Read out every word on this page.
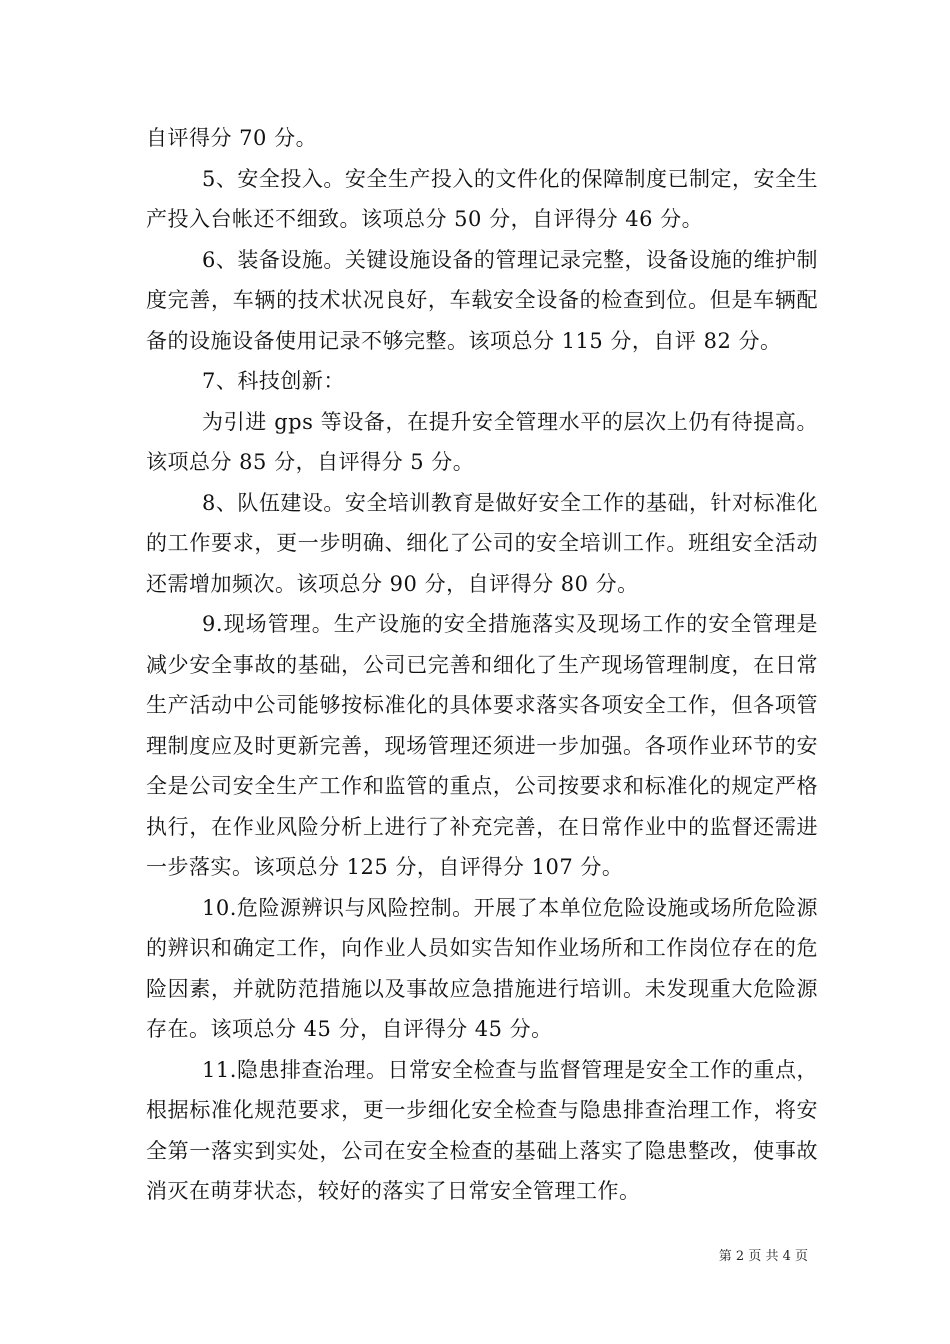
自评得分 70 分。

5、安全投入。安全生产投入的文件化的保障制度已制定，安全生产投入台帐还不细致。该项总分 50 分，自评得分 46 分。

6、装备设施。关键设施设备的管理记录完整，设备设施的维护制度完善，车辆的技术状况良好，车载安全设备的检查到位。但是车辆配备的设施设备使用记录不够完整。该项总分 115 分，自评 82 分。

7、科技创新：

为引进 gps 等设备，在提升安全管理水平的层次上仍有待提高。该项总分 85 分，自评得分 5 分。

8、队伍建设。安全培训教育是做好安全工作的基础，针对标准化的工作要求，更一步明确、细化了公司的安全培训工作。班组安全活动还需增加频次。该项总分 90 分，自评得分 80 分。

9.现场管理。生产设施的安全措施落实及现场工作的安全管理是减少安全事故的基础，公司已完善和细化了生产现场管理制度，在日常生产活动中公司能够按标准化的具体要求落实各项安全工作，但各项管理制度应及时更新完善，现场管理还须进一步加强。各项作业环节的安全是公司安全生产工作和监管的重点，公司按要求和标准化的规定严格执行，在作业风险分析上进行了补充完善，在日常作业中的监督还需进一步落实。该项总分 125 分，自评得分 107 分。

10.危险源辨识与风险控制。开展了本单位危险设施或场所危险源的辨识和确定工作，向作业人员如实告知作业场所和工作岗位存在的危险因素，并就防范措施以及事故应急措施进行培训。未发现重大危险源存在。该项总分 45 分，自评得分 45 分。

11.隐患排查治理。日常安全检查与监督管理是安全工作的重点，根据标准化规范要求，更一步细化安全检查与隐患排查治理工作，将安全第一落实到实处，公司在安全检查的基础上落实了隐患整改，使事故消灭在萌芽状态，较好的落实了日常安全管理工作。

第 2 页 共 4 页
